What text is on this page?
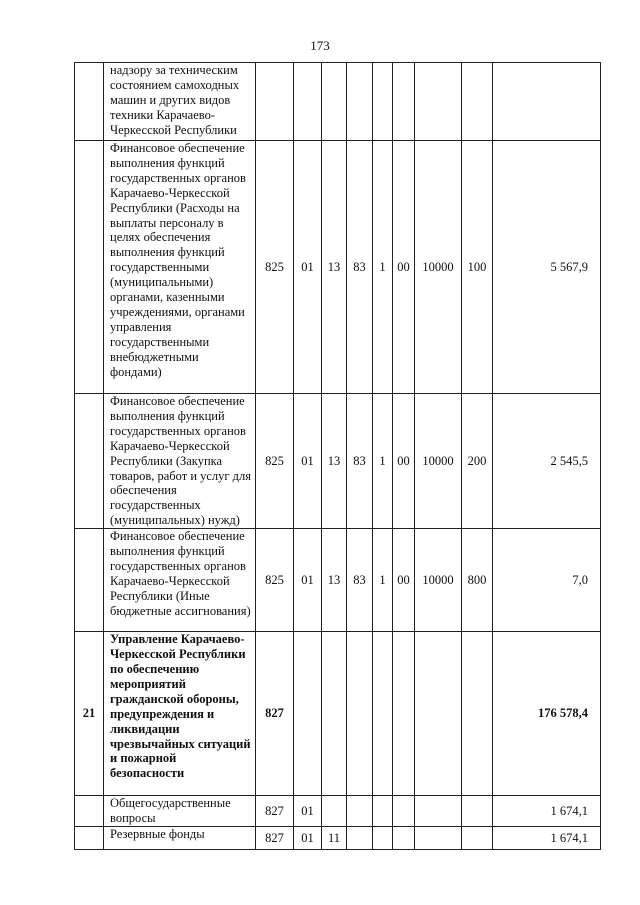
173
	надзору за техническим состоянием самоходных машин и других видов техники Карачаево-Черкесской Республики									
	Финансовое обеспечение выполнения функций государственных органов Карачаево-Черкесской Республики (Расходы на выплаты персоналу в целях обеспечения выполнения функций государственными (муниципальными) органами, казенными учреждениями, органами управления государственными внебюджетными фондами)	825	01	13	83	1	00	10000	100	5 567,9
	Финансовое обеспечение выполнения функций государственных органов Карачаево-Черкесской Республики (Закупка товаров, работ и услуг для обеспечения государственных (муниципальных) нужд)	825	01	13	83	1	00	10000	200	2 545,5
	Финансовое обеспечение выполнения функций государственных органов Карачаево-Черкесской Республики (Иные бюджетные ассигнования)	825	01	13	83	1	00	10000	800	7,0
21	Управление Карачаево-Черкесской Республики по обеспечению мероприятий гражданской обороны, предупреждения и ликвидации чрезвычайных ситуаций и пожарной безопасности	827								176 578,4
	Общегосударственные вопросы	827	01							1 674,1
	Резервные фонды	827	01	11						1 674,1
